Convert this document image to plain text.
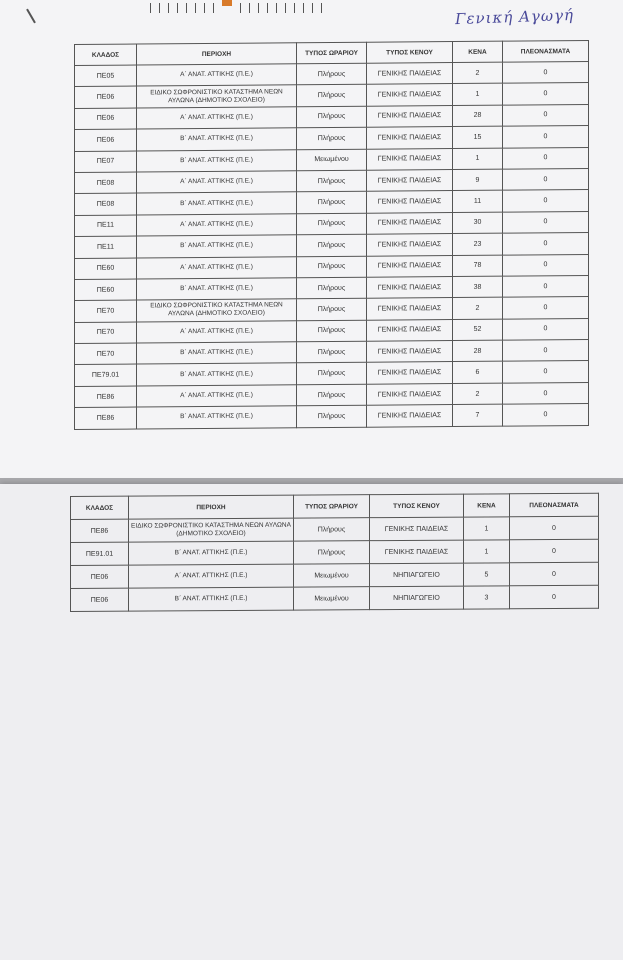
Γενική Αγωγή
ΚΛΑΔΟΣ	ΠΕΡΙΟΧΗ	ΤΥΠΟΣ ΩΡΑΡΙΟΥ	ΤΥΠΟΣ ΚΕΝΟΥ	ΚΕΝΑ	ΠΛΕΟΝΑΣΜΑΤΑ
ΠΕ05	Α΄ ΑΝΑΤ. ΑΤΤΙΚΗΣ (Π.Ε.)	Πλήρους	ΓΕΝΙΚΗΣ ΠΑΙΔΕΙΑΣ	2	0
ΠΕ06	ΕΙΔΙΚΟ ΣΩΦΡΟΝΙΣΤΙΚΟ ΚΑΤΑΣΤΗΜΑ ΝΕΩΝ ΑΥΛΩΝΑ (ΔΗΜΟΤΙΚΟ ΣΧΟΛΕΙΟ)	Πλήρους	ΓΕΝΙΚΗΣ ΠΑΙΔΕΙΑΣ	1	0
ΠΕ06	Α΄ ΑΝΑΤ. ΑΤΤΙΚΗΣ (Π.Ε.)	Πλήρους	ΓΕΝΙΚΗΣ ΠΑΙΔΕΙΑΣ	28	0
ΠΕ06	Β΄ ΑΝΑΤ. ΑΤΤΙΚΗΣ (Π.Ε.)	Πλήρους	ΓΕΝΙΚΗΣ ΠΑΙΔΕΙΑΣ	15	0
ΠΕ07	Β΄ ΑΝΑΤ. ΑΤΤΙΚΗΣ (Π.Ε.)	Μειωμένου	ΓΕΝΙΚΗΣ ΠΑΙΔΕΙΑΣ	1	0
ΠΕ08	Α΄ ΑΝΑΤ. ΑΤΤΙΚΗΣ (Π.Ε.)	Πλήρους	ΓΕΝΙΚΗΣ ΠΑΙΔΕΙΑΣ	9	0
ΠΕ08	Β΄ ΑΝΑΤ. ΑΤΤΙΚΗΣ (Π.Ε.)	Πλήρους	ΓΕΝΙΚΗΣ ΠΑΙΔΕΙΑΣ	11	0
ΠΕ11	Α΄ ΑΝΑΤ. ΑΤΤΙΚΗΣ (Π.Ε.)	Πλήρους	ΓΕΝΙΚΗΣ ΠΑΙΔΕΙΑΣ	30	0
ΠΕ11	Β΄ ΑΝΑΤ. ΑΤΤΙΚΗΣ (Π.Ε.)	Πλήρους	ΓΕΝΙΚΗΣ ΠΑΙΔΕΙΑΣ	23	0
ΠΕ60	Α΄ ΑΝΑΤ. ΑΤΤΙΚΗΣ (Π.Ε.)	Πλήρους	ΓΕΝΙΚΗΣ ΠΑΙΔΕΙΑΣ	78	0
ΠΕ60	Β΄ ΑΝΑΤ. ΑΤΤΙΚΗΣ (Π.Ε.)	Πλήρους	ΓΕΝΙΚΗΣ ΠΑΙΔΕΙΑΣ	38	0
ΠΕ70	ΕΙΔΙΚΟ ΣΩΦΡΟΝΙΣΤΙΚΟ ΚΑΤΑΣΤΗΜΑ ΝΕΩΝ ΑΥΛΩΝΑ (ΔΗΜΟΤΙΚΟ ΣΧΟΛΕΙΟ)	Πλήρους	ΓΕΝΙΚΗΣ ΠΑΙΔΕΙΑΣ	2	0
ΠΕ70	Α΄ ΑΝΑΤ. ΑΤΤΙΚΗΣ (Π.Ε.)	Πλήρους	ΓΕΝΙΚΗΣ ΠΑΙΔΕΙΑΣ	52	0
ΠΕ70	Β΄ ΑΝΑΤ. ΑΤΤΙΚΗΣ (Π.Ε.)	Πλήρους	ΓΕΝΙΚΗΣ ΠΑΙΔΕΙΑΣ	28	0
ΠΕ79.01	Β΄ ΑΝΑΤ. ΑΤΤΙΚΗΣ (Π.Ε.)	Πλήρους	ΓΕΝΙΚΗΣ ΠΑΙΔΕΙΑΣ	6	0
ΠΕ86	Α΄ ΑΝΑΤ. ΑΤΤΙΚΗΣ (Π.Ε.)	Πλήρους	ΓΕΝΙΚΗΣ ΠΑΙΔΕΙΑΣ	2	0
ΠΕ86	Β΄ ΑΝΑΤ. ΑΤΤΙΚΗΣ (Π.Ε.)	Πλήρους	ΓΕΝΙΚΗΣ ΠΑΙΔΕΙΑΣ	7	0
ΚΛΑΔΟΣ	ΠΕΡΙΟΧΗ	ΤΥΠΟΣ ΩΡΑΡΙΟΥ	ΤΥΠΟΣ ΚΕΝΟΥ	ΚΕΝΑ	ΠΛΕΟΝΑΣΜΑΤΑ
ΠΕ86	ΕΙΔΙΚΟ ΣΩΦΡΟΝΙΣΤΙΚΟ ΚΑΤΑΣΤΗΜΑ ΝΕΩΝ ΑΥΛΩΝΑ (ΔΗΜΟΤΙΚΟ ΣΧΟΛΕΙΟ)	Πλήρους	ΓΕΝΙΚΗΣ ΠΑΙΔΕΙΑΣ	1	0
ΠΕ91.01	Β΄ ΑΝΑΤ. ΑΤΤΙΚΗΣ (Π.Ε.)	Πλήρους	ΓΕΝΙΚΗΣ ΠΑΙΔΕΙΑΣ	1	0
ΠΕ06	Α΄ ΑΝΑΤ. ΑΤΤΙΚΗΣ (Π.Ε.)	Μειωμένου	ΝΗΠΙΑΓΩΓΕΙΟ	5	0
ΠΕ06	Β΄ ΑΝΑΤ. ΑΤΤΙΚΗΣ (Π.Ε.)	Μειωμένου	ΝΗΠΙΑΓΩΓΕΙΟ	3	0
